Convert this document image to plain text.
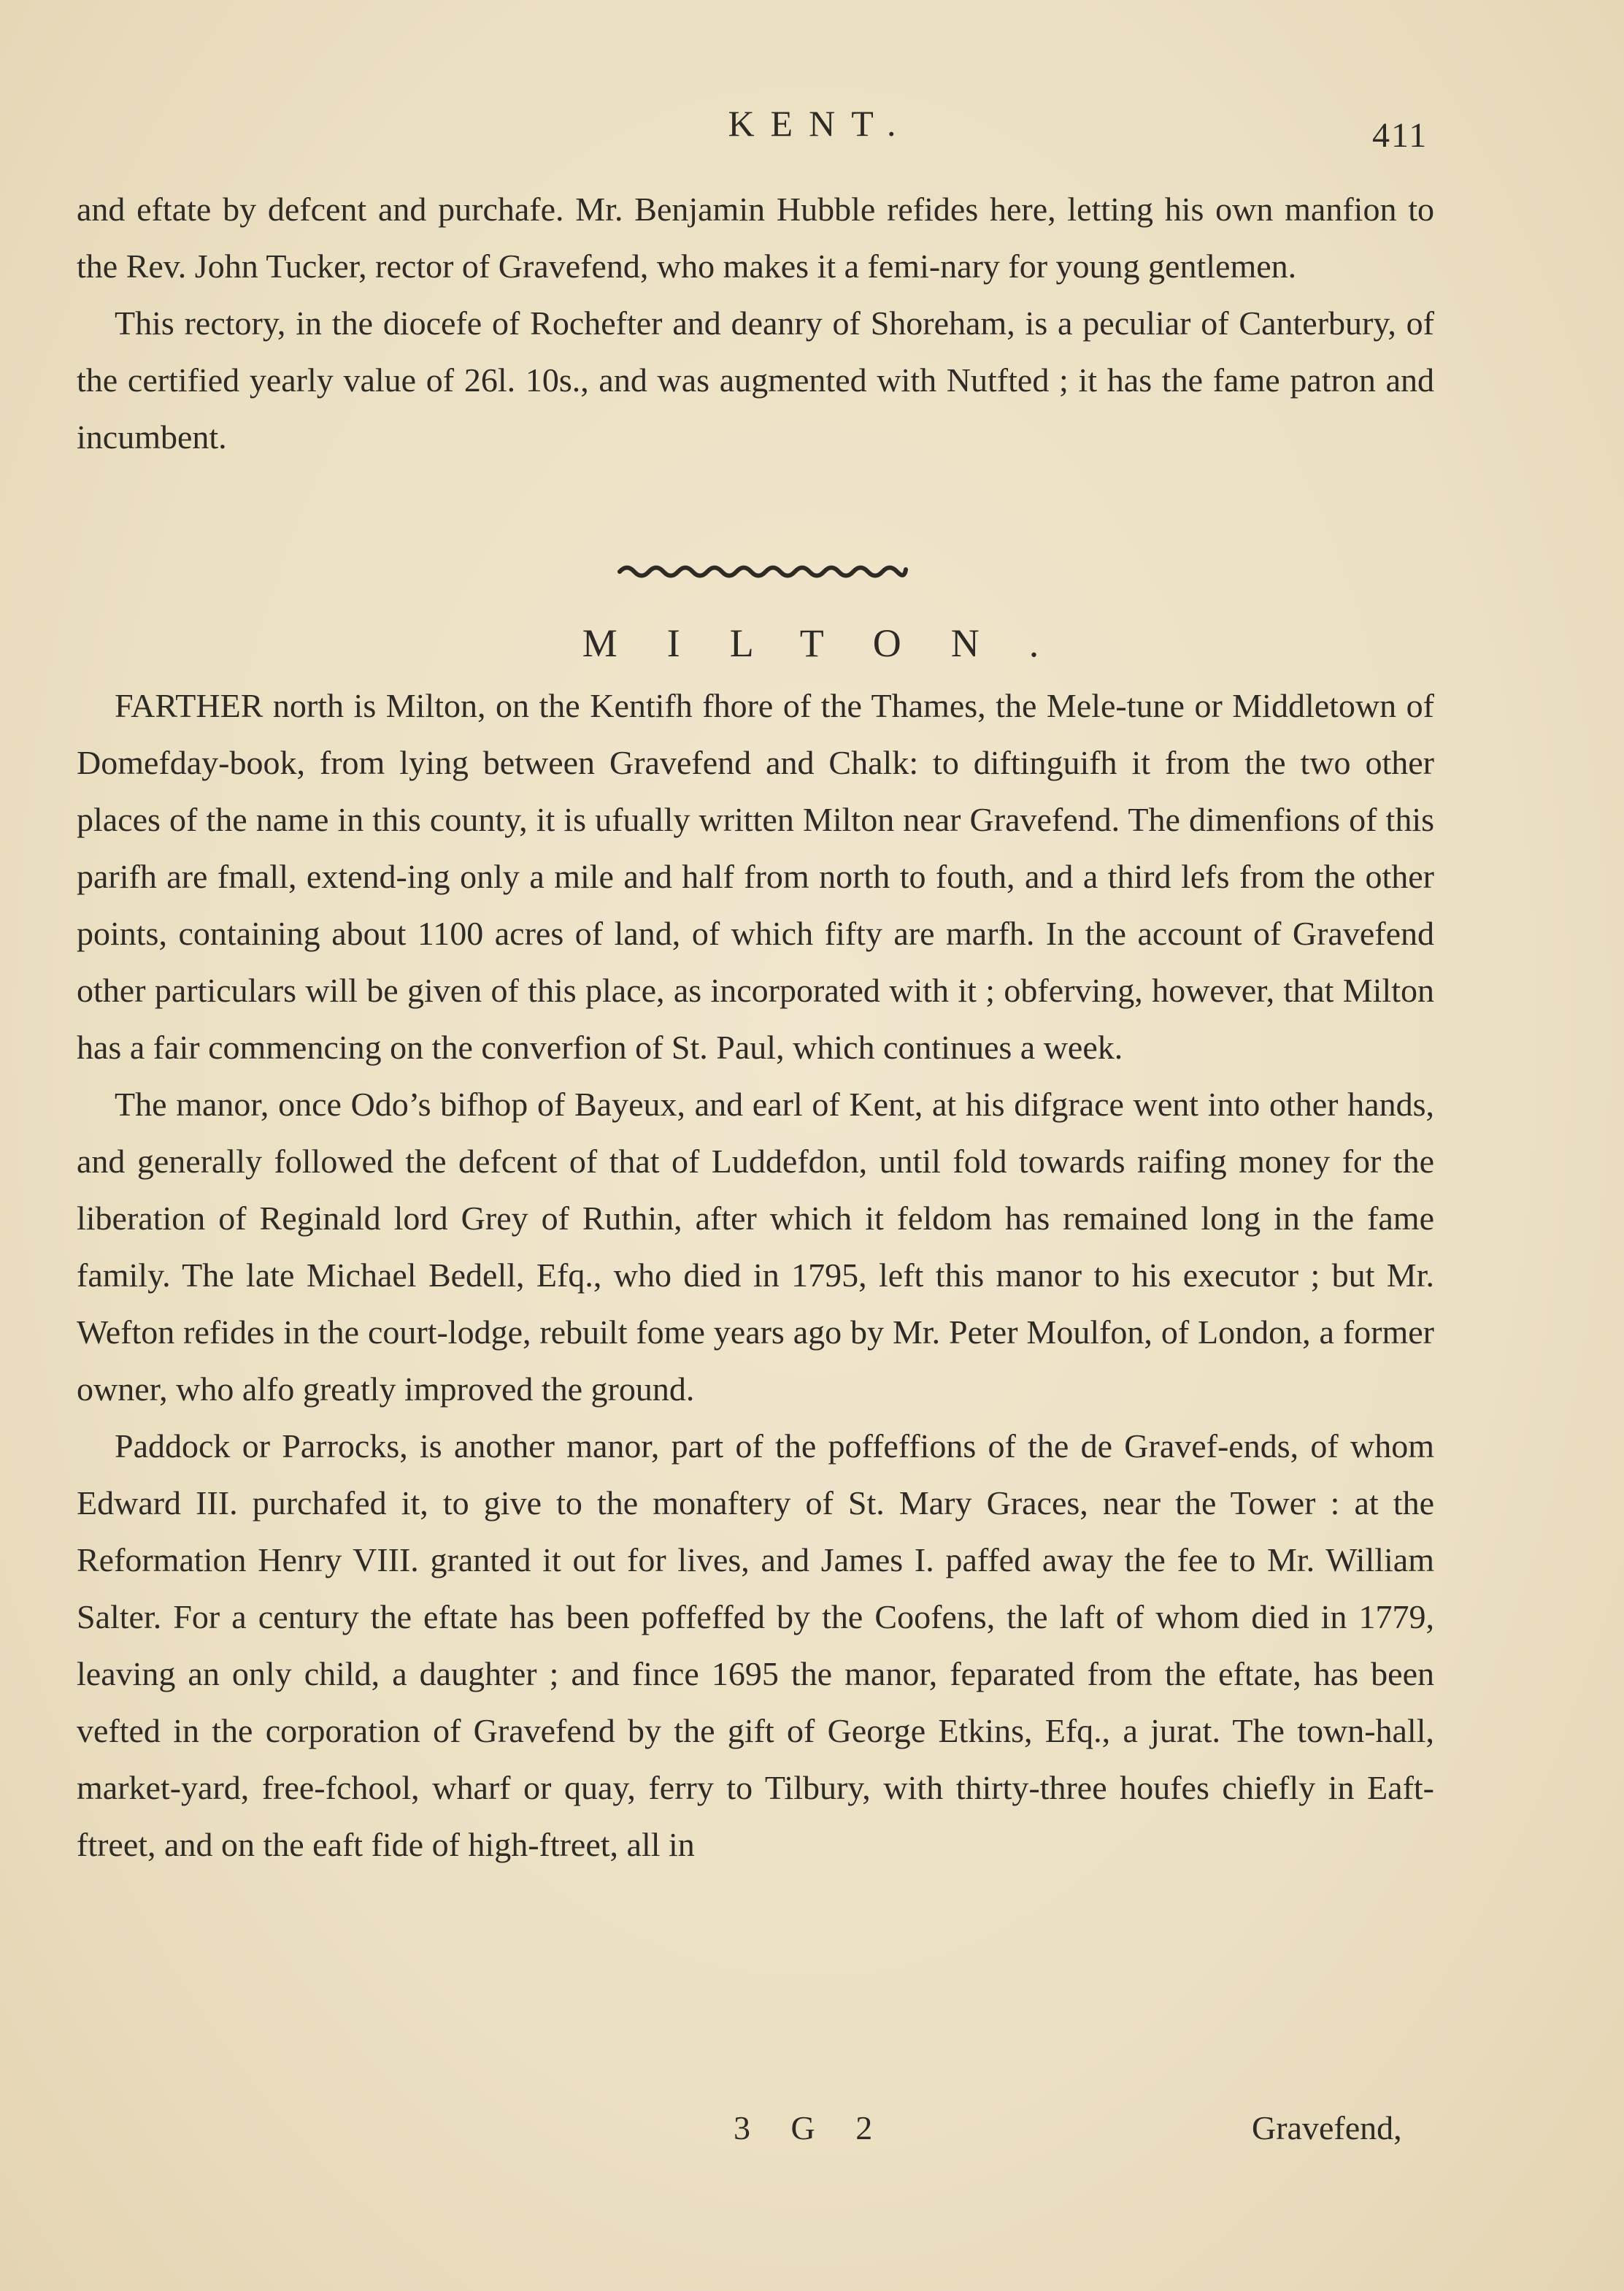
KENT.	411

and eftate by defcent and purchafe. Mr. Benjamin Hubble refides here, letting his own manfion to the Rev. John Tucker, rector of Gravefend, who makes it a femi-nary for young gentlemen.

This rectory, in the diocefe of Rochefter and deanry of Shoreham, is a peculiar of Canterbury, of the certified yearly value of 26l. 10s., and was augmented with Nutfted ; it has the fame patron and incumbent.

MILTON.

FARTHER north is Milton, on the Kentifh fhore of the Thames, the Mele-tune or Middletown of Domefday-book, from lying between Gravefend and Chalk: to diftinguifh it from the two other places of the name in this county, it is ufually written Milton near Gravefend. The dimenfions of this parifh are fmall, extend-ing only a mile and half from north to fouth, and a third lefs from the other points, containing about 1100 acres of land, of which fifty are marfh. In the account of Gravefend other particulars will be given of this place, as incorporated with it ; obferving, however, that Milton has a fair commencing on the converfion of St. Paul, which continues a week.

The manor, once Odo’s bifhop of Bayeux, and earl of Kent, at his difgrace went into other hands, and generally followed the defcent of that of Luddefdon, until fold towards raifing money for the liberation of Reginald lord Grey of Ruthin, after which it feldom has remained long in the fame family. The late Michael Bedell, Efq., who died in 1795, left this manor to his executor ; but Mr. Wefton refides in the court-lodge, rebuilt fome years ago by Mr. Peter Moulfon, of London, a former owner, who alfo greatly improved the ground.

Paddock or Parrocks, is another manor, part of the poffeffions of the de Gravef-ends, of whom Edward III. purchafed it, to give to the monaftery of St. Mary Graces, near the Tower : at the Reformation Henry VIII. granted it out for lives, and James I. paffed away the fee to Mr. William Salter. For a century the eftate has been poffeffed by the Coofens, the laft of whom died in 1779, leaving an only child, a daughter ; and fince 1695 the manor, feparated from the eftate, has been vefted in the corporation of Gravefend by the gift of George Etkins, Efq., a jurat. The town-hall, market-yard, free-fchool, wharf or quay, ferry to Tilbury, with thirty-three houfes chiefly in Eaft-ftreet, and on the eaft fide of high-ftreet, all in

3 G 2	Gravefend,
